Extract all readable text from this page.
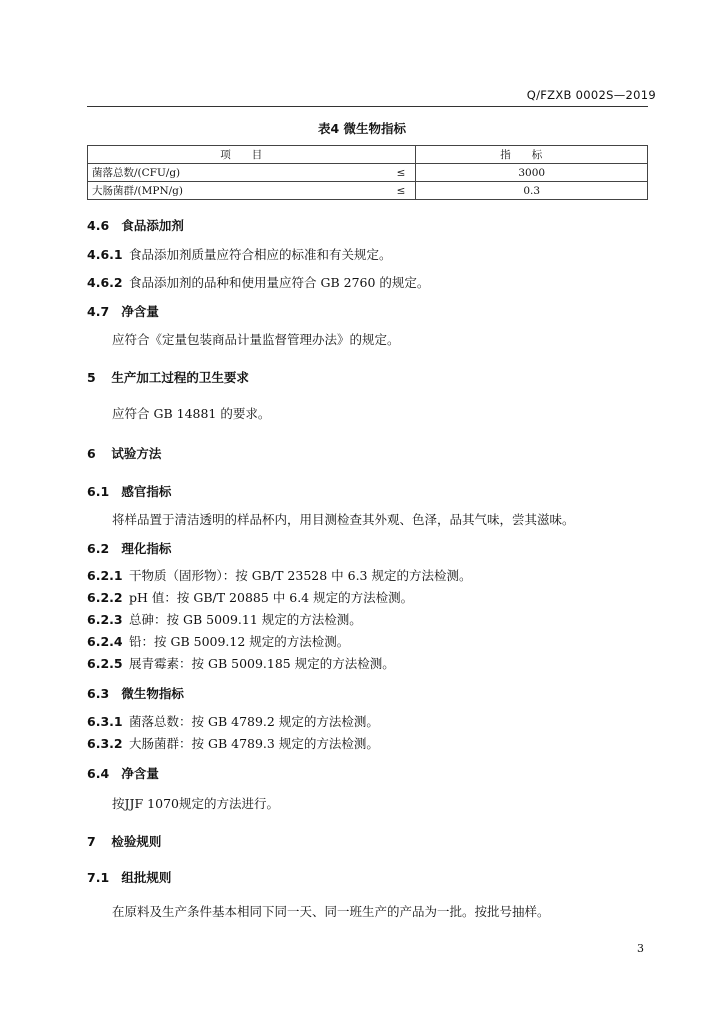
Q/FZXB 0002S—2019
表4 微生物指标
项目		指标
菌落总数/(CFU/g)	≤	3000
大肠菌群/(MPN/g)	≤	0.3
4.6 食品添加剂
4.6.1 食品添加剂质量应符合相应的标准和有关规定。
4.6.2 食品添加剂的品种和使用量应符合 GB 2760 的规定。
4.7 净含量
应符合《定量包装商品计量监督管理办法》的规定。
5 生产加工过程的卫生要求
应符合 GB 14881 的要求。
6 试验方法
6.1 感官指标
将样品置于清洁透明的样品杯内，用目测检查其外观、色泽，品其气味，尝其滋味。
6.2 理化指标
6.2.1 干物质（固形物）：按 GB/T 23528 中 6.3 规定的方法检测。
6.2.2 pH 值：按 GB/T 20885 中 6.4 规定的方法检测。
6.2.3 总砷：按 GB 5009.11 规定的方法检测。
6.2.4 铅：按 GB 5009.12 规定的方法检测。
6.2.5 展青霉素：按 GB 5009.185 规定的方法检测。
6.3 微生物指标
6.3.1 菌落总数：按 GB 4789.2 规定的方法检测。
6.3.2 大肠菌群：按 GB 4789.3 规定的方法检测。
6.4 净含量
按JJF 1070规定的方法进行。
7 检验规则
7.1 组批规则
在原料及生产条件基本相同下同一天、同一班生产的产品为一批。按批号抽样。
3
